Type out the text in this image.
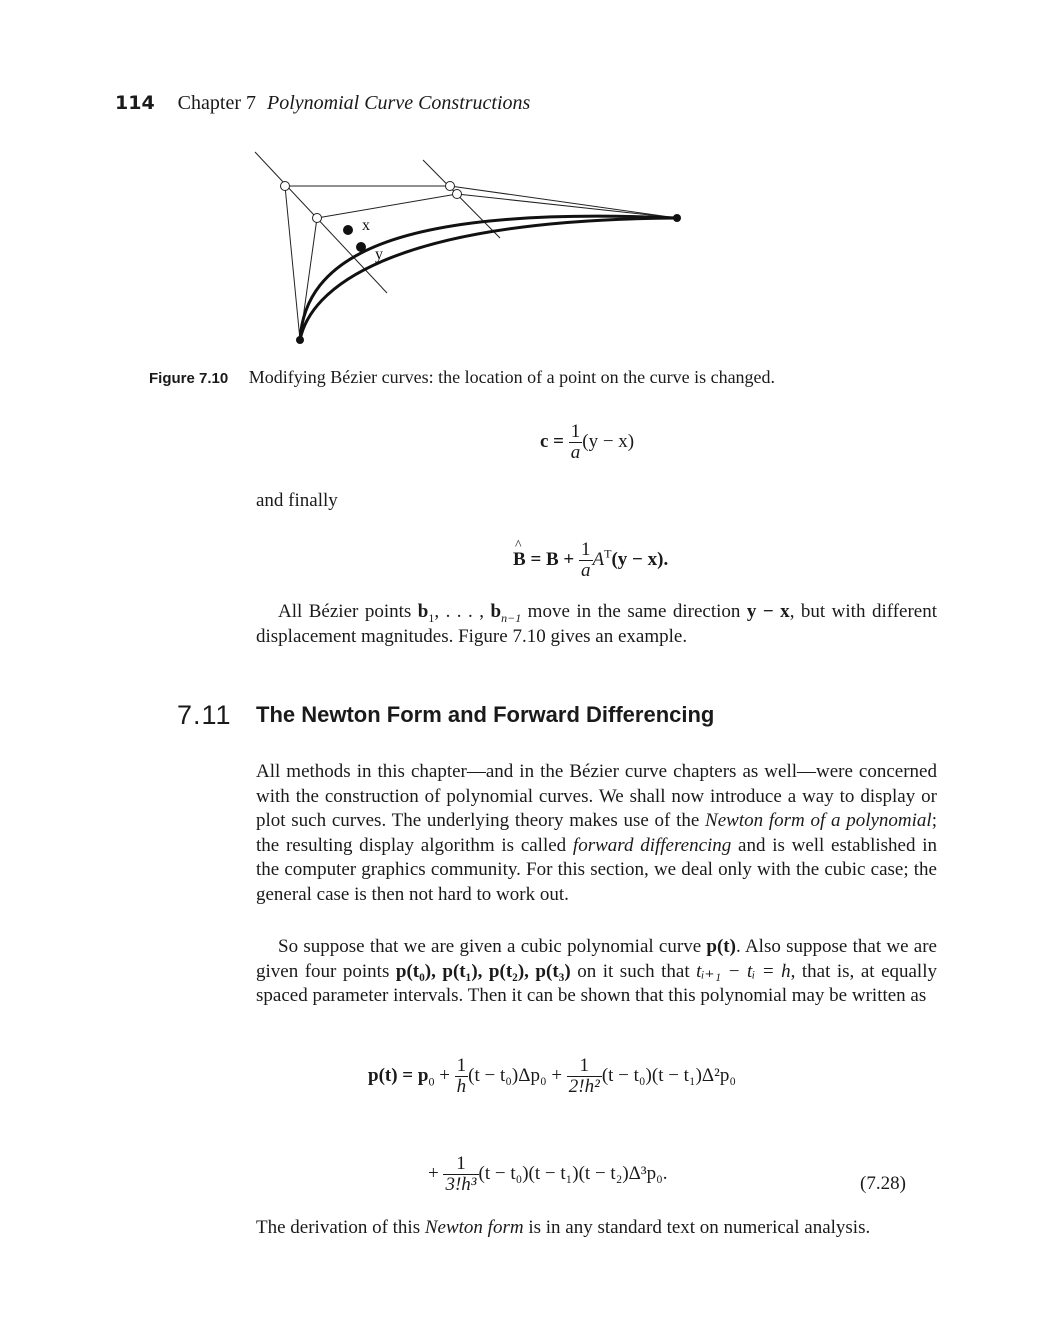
114 Chapter 7 Polynomial Curve Constructions
x
y
Figure 7.10 Modifying Bézier curves: the location of a point on the curve is changed.
$c = \frac{1}{a} (y - x)$
and finally
B
^
= $B + \frac{1}{a} A^T(y - x)$.
All Bézier points $b_1$, . . . , $b_{n-1}$ move in the same direction y − x, but with different displacement magnitudes. Figure 7.10 gives an example.
7.11 The Newton Form and Forward Differencing
All methods in this chapter—and in the Bézier curve chapters as well—were concerned with the construction of polynomial curves. We shall now introduce a way to display or plot such curves. The underlying theory makes use of the Newton form of a polynomial; the resulting display algorithm is called forward differencing and is well established in the computer graphics community. For this section, we deal only with the cubic case; the general case is then not hard to work out.
So suppose that we are given a cubic polynomial curve p(t). Also suppose that we are given four points p(t₀), p(t₁), p(t₂), p(t₃) on it such that tᵢ₊₁ − tᵢ = h, that is, at equally spaced parameter intervals. Then it can be shown that this polynomial may be written as
$p(t) = p_0 + \frac{1}{h} (t - t_0)\Delta p_0 + \frac{1}{\text{2!h²}} (t - t_0)(t - t_1)\Delta^2p_0$
+ $\frac{1}{\text{3!h³}} (t - t_0)(t - t_1)(t - t_2)\Delta^3p_0$.	(7.28)
The derivation of this Newton form is in any standard text on numerical analysis.
